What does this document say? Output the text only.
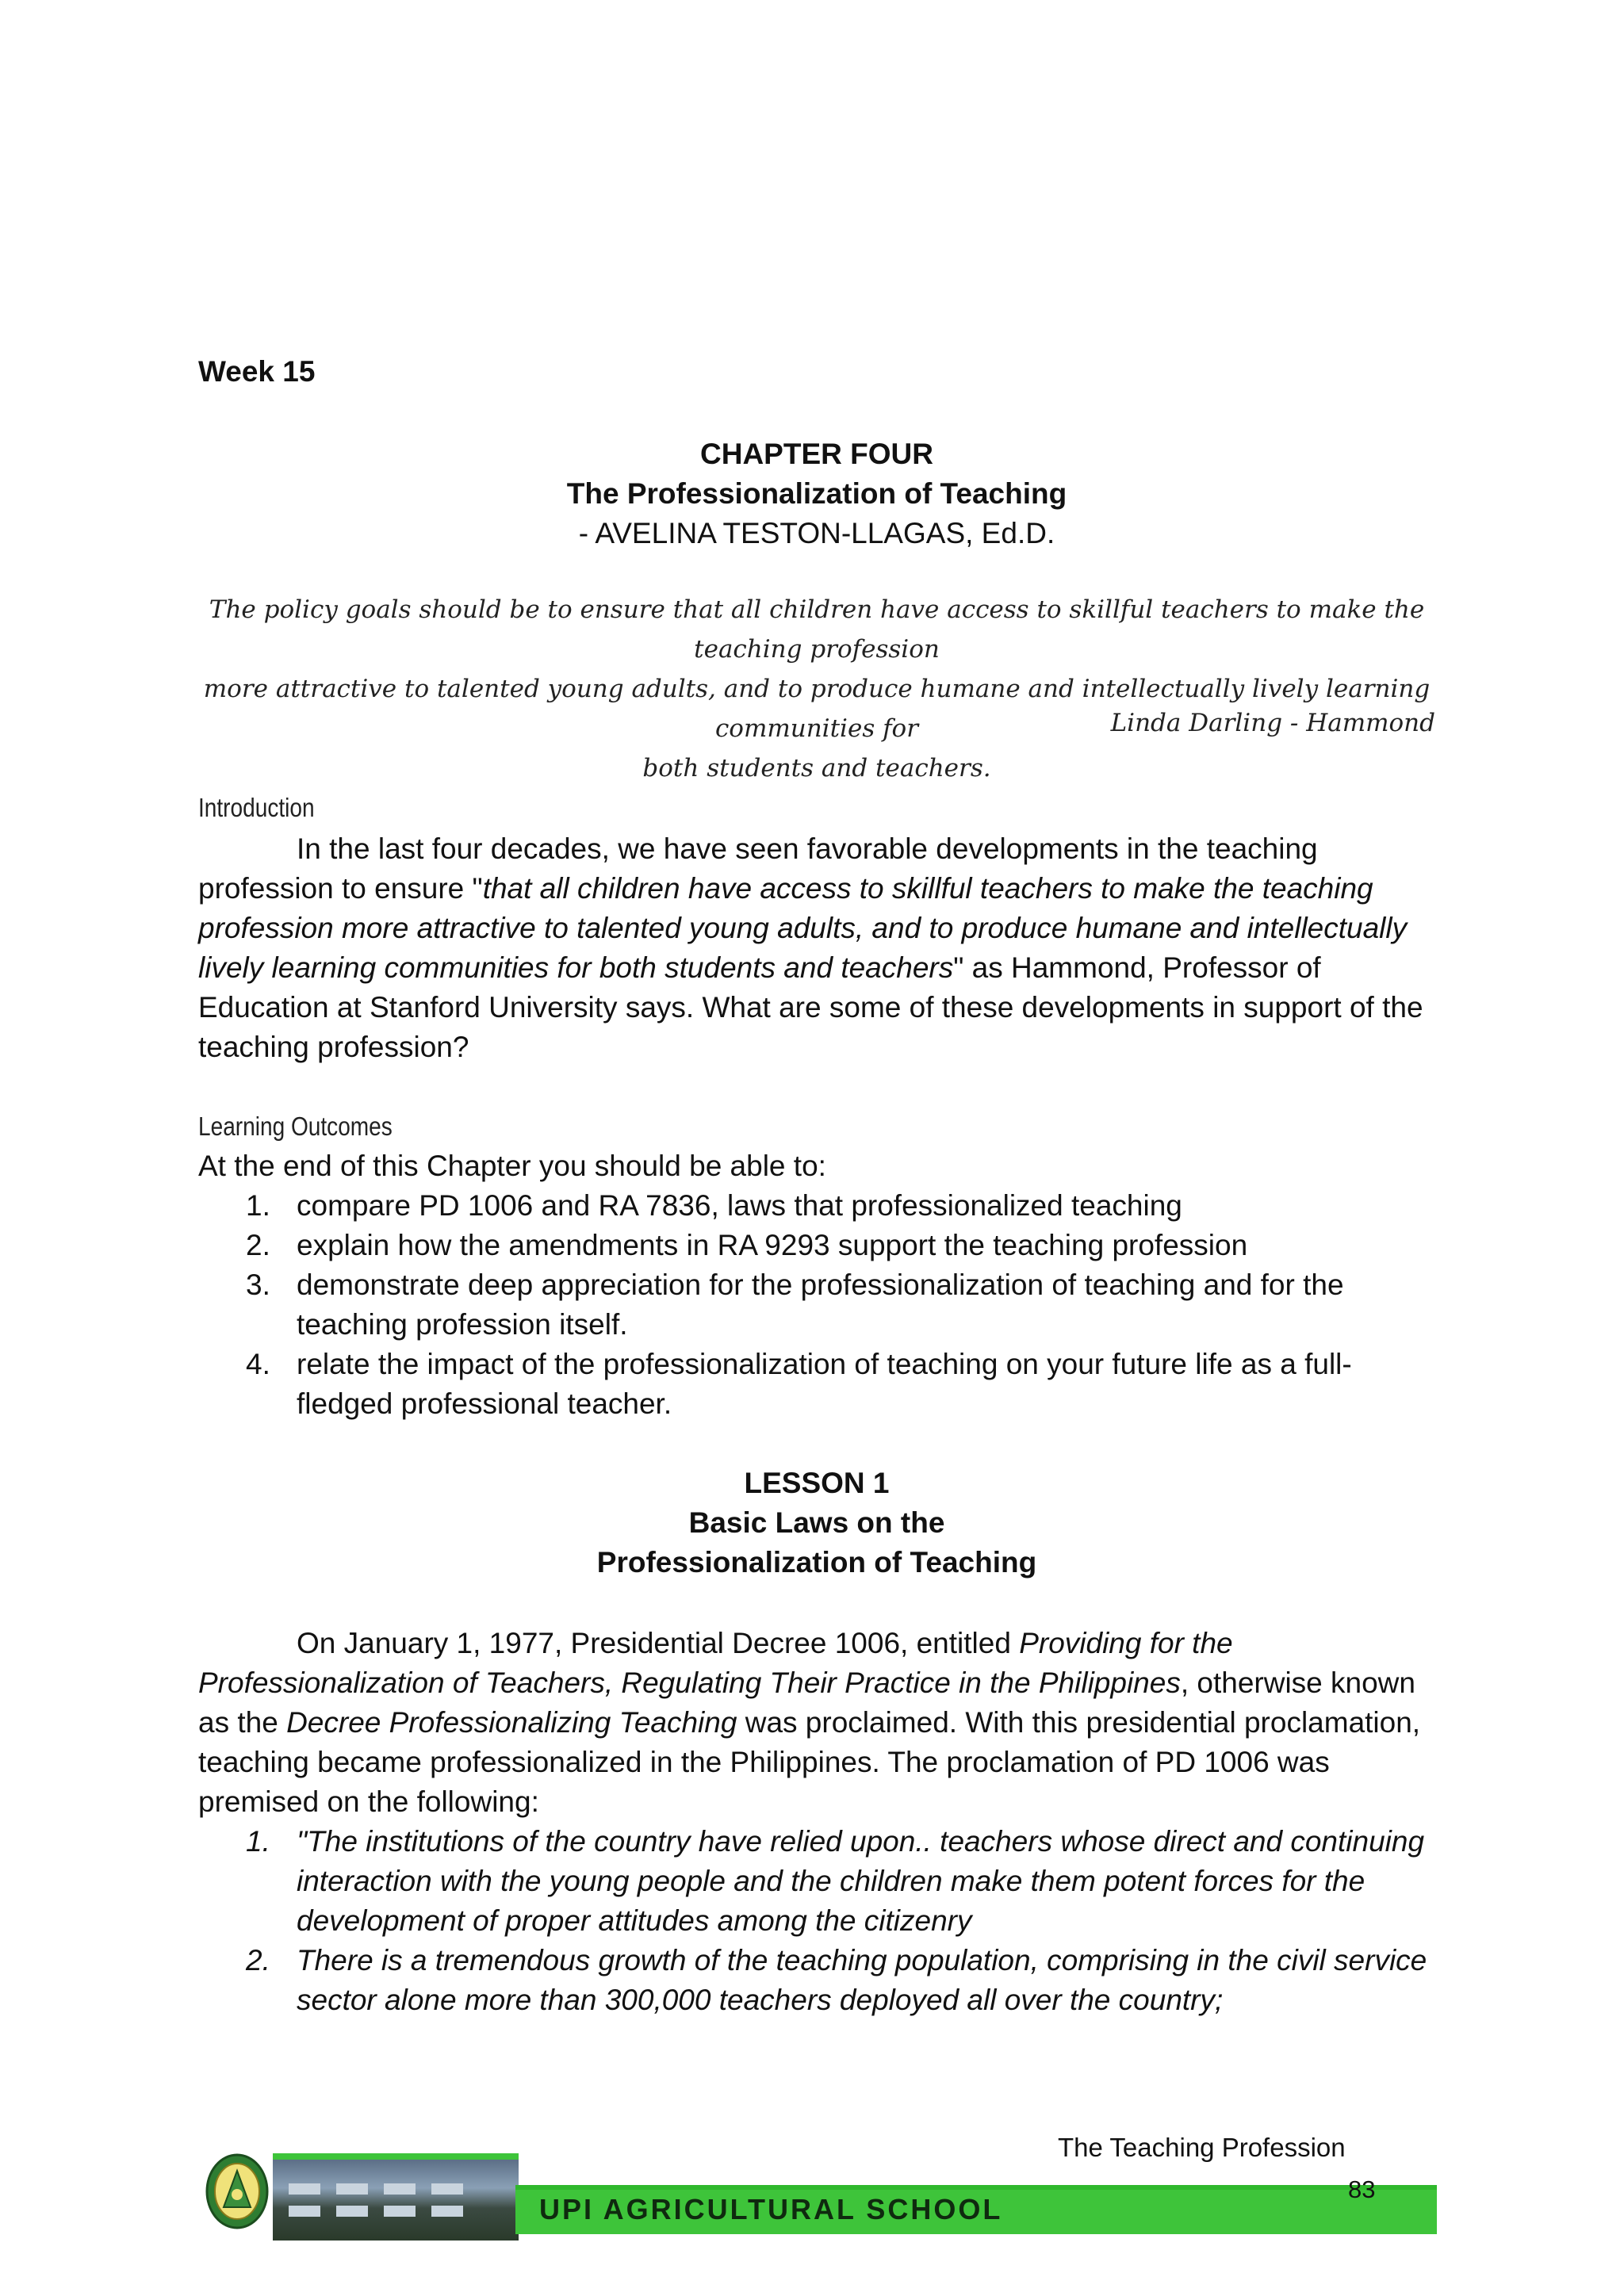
Week 15
CHAPTER FOUR
The Professionalization of Teaching
- AVELINA TESTON-LLAGAS, Ed.D.
The policy goals should be to ensure that all children have access to skillful teachers to make the teaching profession
more attractive to talented young adults, and to produce humane and intellectually lively learning communities for
both students and teachers.
Linda Darling - Hammond
Introduction
In the last four decades, we have seen favorable developments in the teaching profession to ensure "that all children have access to skillful teachers to make the teaching profession more attractive to talented young adults, and to produce humane and intellectually lively learning communities for both students and teachers" as Hammond, Professor of Education at Stanford University says. What are some of these developments in support of the teaching profession?
Learning Outcomes
At the end of this Chapter you should be able to:
1. compare PD 1006 and RA 7836, laws that professionalized teaching
2. explain how the amendments in RA 9293 support the teaching profession
3. demonstrate deep appreciation for the professionalization of teaching and for the teaching profession itself.
4. relate the impact of the professionalization of teaching on your future life as a full-fledged professional teacher.
LESSON 1
Basic Laws on the
Professionalization of Teaching
On January 1, 1977, Presidential Decree 1006, entitled Providing for the Professionalization of Teachers, Regulating Their Practice in the Philippines, otherwise known as the Decree Professionalizing Teaching was proclaimed. With this presidential proclamation, teaching became professionalized in the Philippines. The proclamation of PD 1006 was premised on the following:
1. "The institutions of the country have relied upon.. teachers whose direct and continuing interaction with the young people and the children make them potent forces for the development of proper attitudes among the citizenry
2. There is a tremendous growth of the teaching population, comprising in the civil service sector alone more than 300,000 teachers deployed all over the country;
The Teaching Profession
UPI AGRICULTURAL SCHOOL
83
